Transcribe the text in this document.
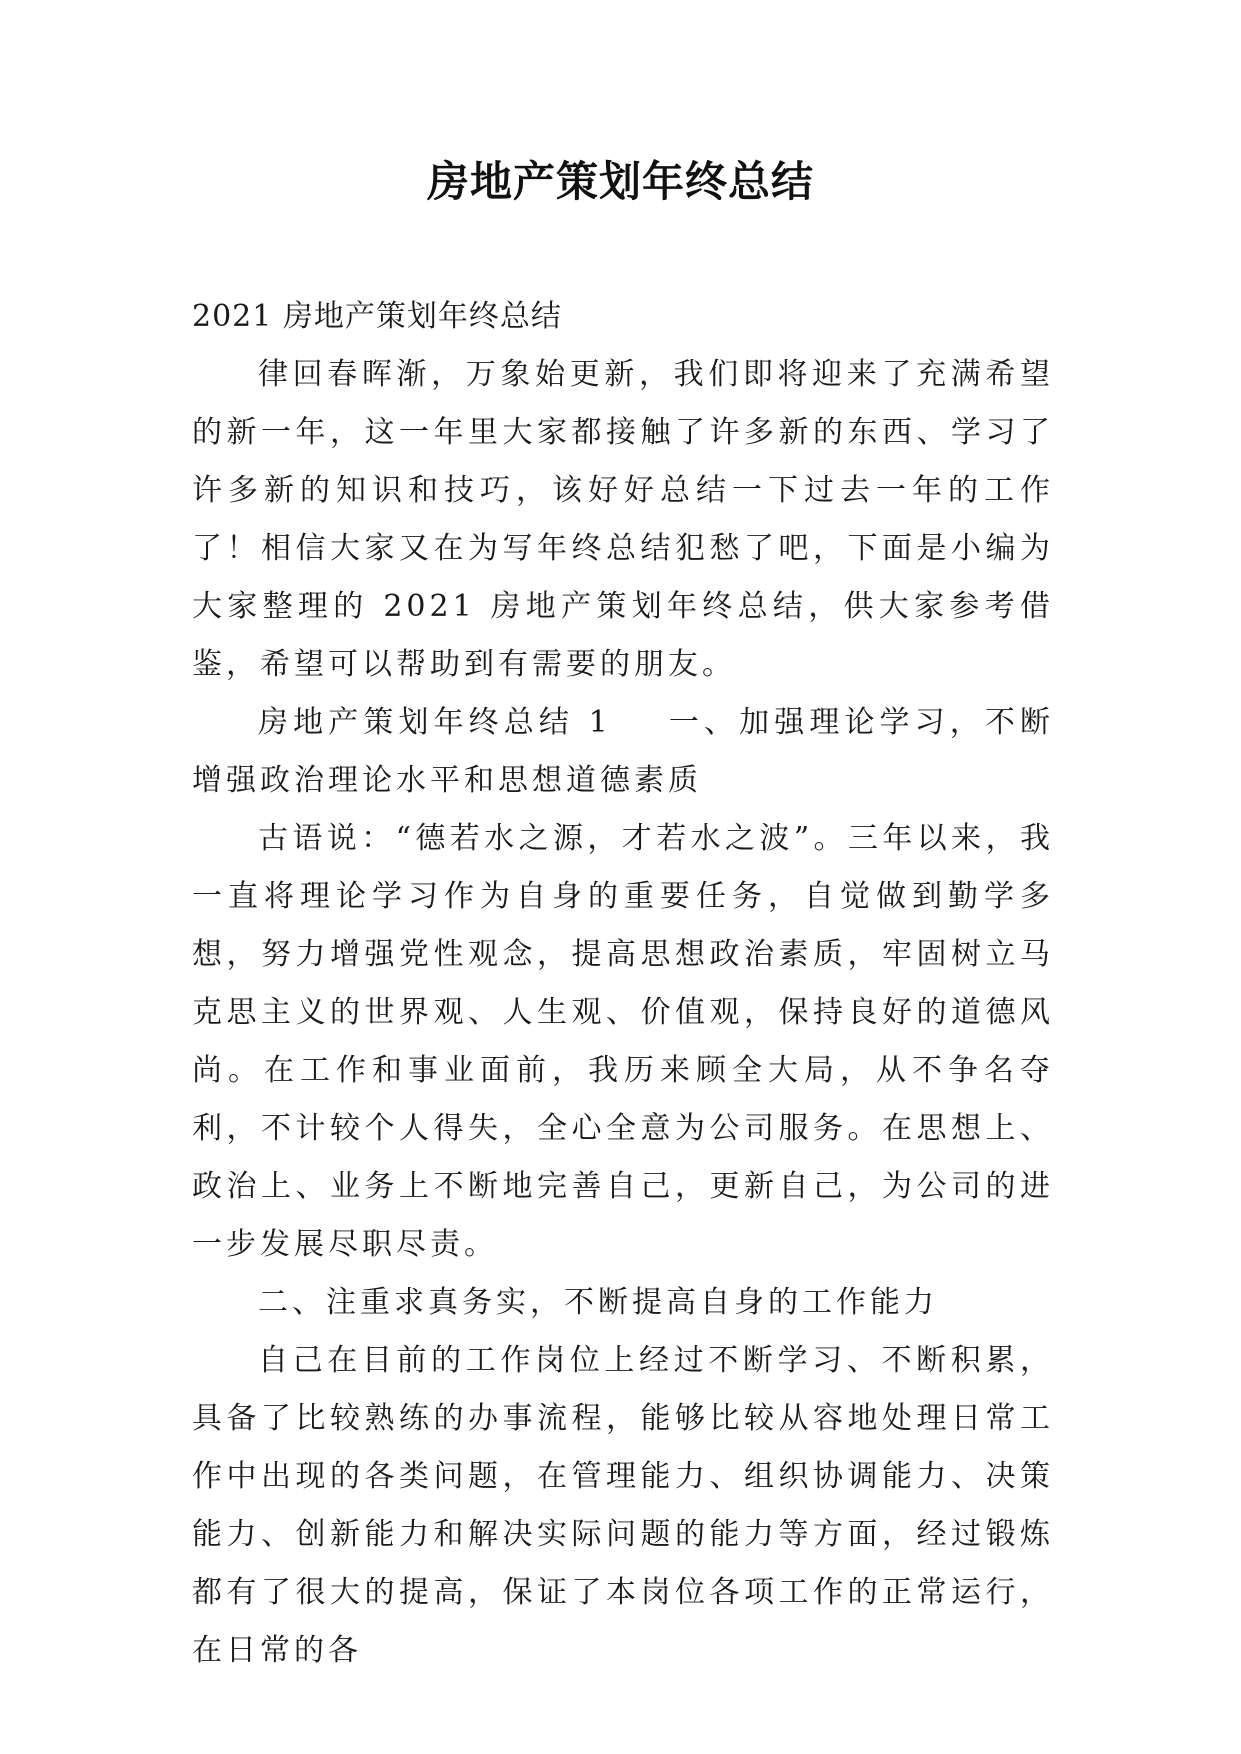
房地产策划年终总结

2021 房地产策划年终总结

律回春晖渐，万象始更新，我们即将迎来了充满希望的新一年，这一年里大家都接触了许多新的东西、学习了许多新的知识和技巧，该好好总结一下过去一年的工作了！相信大家又在为写年终总结犯愁了吧，下面是小编为大家整理的 2021 房地产策划年终总结，供大家参考借鉴，希望可以帮助到有需要的朋友。

房地产策划年终总结 1 一、加强理论学习，不断增强政治理论水平和思想道德素质

古语说：“德若水之源，才若水之波”。三年以来，我一直将理论学习作为自身的重要任务，自觉做到勤学多想，努力增强党性观念，提高思想政治素质，牢固树立马克思主义的世界观、人生观、价值观，保持良好的道德风尚。在工作和事业面前，我历来顾全大局，从不争名夺利，不计较个人得失，全心全意为公司服务。在思想上、政治上、业务上不断地完善自己，更新自己，为公司的进一步发展尽职尽责。

二、注重求真务实，不断提高自身的工作能力

自己在目前的工作岗位上经过不断学习、不断积累，具备了比较熟练的办事流程，能够比较从容地处理日常工作中出现的各类问题，在管理能力、组织协调能力、决策能力、创新能力和解决实际问题的能力等方面，经过锻炼都有了很大的提高，保证了本岗位各项工作的正常运行，在日常的各
